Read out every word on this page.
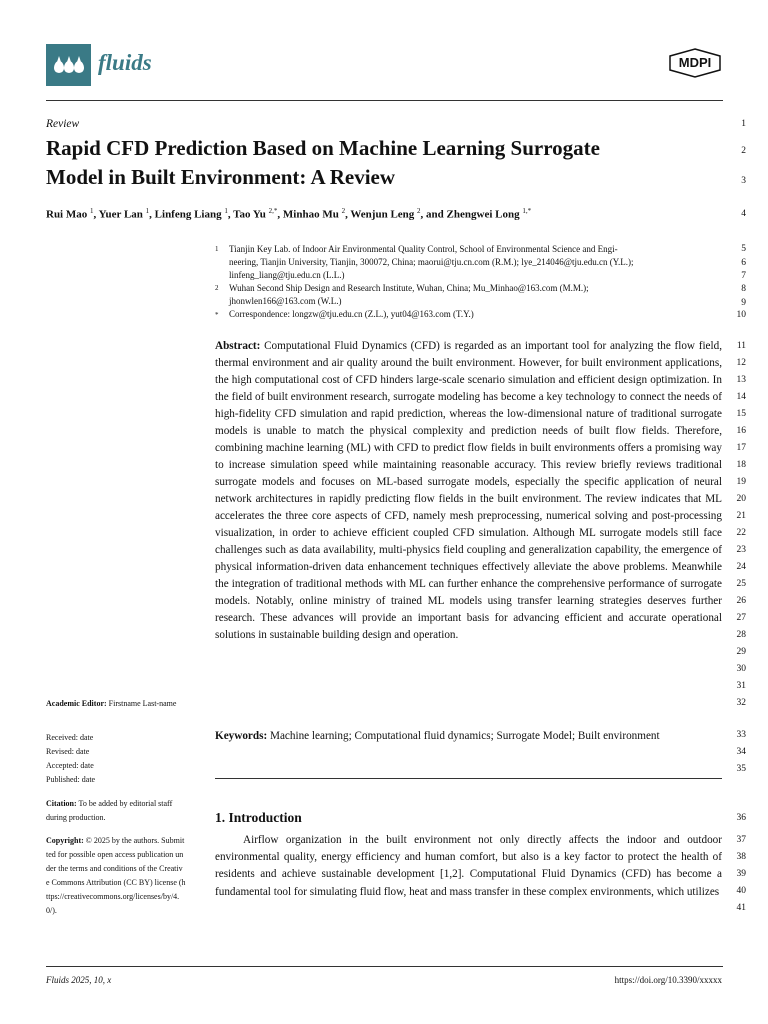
fluids	MDPI
Review
Rapid CFD Prediction Based on Machine Learning Surrogate
Model in Built Environment: A Review
Rui Mao $^1$, Yuer Lan $^1$, Linfeng Liang $^1$, Tao Yu $^{2,*}$, Minhao Mu $^2$, Wenjun Leng $^2$, and Zhengwei Long $^{1,*}$
1 Tianjin Key Lab. of Indoor Air Environmental Quality Control, School of Environmental Science and Engi-
neering, Tianjin University, Tianjin, 300072, China; maorui@tju.cn.com (R.M.); lye_214046@tju.edu.cn (Y.L.);
linfeng_liang@tju.edu.cn (L.L.)
2 Wuhan Second Ship Design and Research Institute, Wuhan, China; Mu_Minhao@163.com (M.M.);
jhonwlen166@163.com (W.L.)
* Correspondence: longzw@tju.edu.cn (Z.L.), yut04@163.com (T.Y.)
Abstract: Computational Fluid Dynamics (CFD) is regarded as an important tool for analyzing the flow field, thermal environment and air quality around the built environment. However, for built environment applications, the high computational cost of CFD hinders large-scale scenario simulation and efficient design optimization. In the field of built environment research, surrogate modeling has become a key technology to connect the needs of high-fidelity CFD simulation and rapid prediction, whereas the low-dimensional nature of traditional surrogate models is unable to match the physical complexity and prediction needs of built flow fields. Therefore, combining machine learning (ML) with CFD to predict flow fields in built environments offers a promising way to increase simulation speed while maintaining reasonable accuracy. This review briefly reviews traditional surrogate models and focuses on ML-based surrogate models, especially the specific application of neural network architectures in rapidly predicting flow fields in the built environment. The review indicates that ML accelerates the three core aspects of CFD, namely mesh preprocessing, numerical solving and post-processing visualization, in order to achieve efficient coupled CFD simulation. Although ML surrogate models still face challenges such as data availability, multi-physics field coupling and generalization capability, the emergence of physical information-driven data enhancement techniques effectively alleviate the above problems. Meanwhile the integration of traditional methods with ML can further enhance the comprehensive performance of surrogate models. Notably, online ministry of trained ML models using transfer learning strategies deserves further research. These advances will provide an important basis for advancing efficient and accurate operational solutions in sustainable building design and operation.
Keywords: Machine learning; Computational fluid dynamics; Surrogate Model; Built environment
1. Introduction
Airflow organization in the built environment not only directly affects the indoor and outdoor environmental quality, energy efficiency and human comfort, but also is a key factor to protect the health of residents and achieve sustainable development [1,2]. Computational Fluid Dynamics (CFD) has become a fundamental tool for simulating fluid flow, heat and mass transfer in these complex environments, which utilizes
Academic Editor: Firstname Last-name
Received: date
Revised: date
Accepted: date
Published: date
Citation: To be added by editorial staff during production.
Copyright: © 2025 by the authors. Submitted for possible open access publication under the terms and conditions of the Creative Commons Attribution (CC BY) license (https://creativecommons.org/licenses/by/4.0/).
1
2
3
4
5
6
7
8
9
10
11
12
13
14
15
16
17
18
19
20
21
22
23
24
25
26
27
28
29
30
31
32
33
34
35
36
37
38
39
40
41
Fluids 2025, 10, x	https://doi.org/10.3390/xxxxx
